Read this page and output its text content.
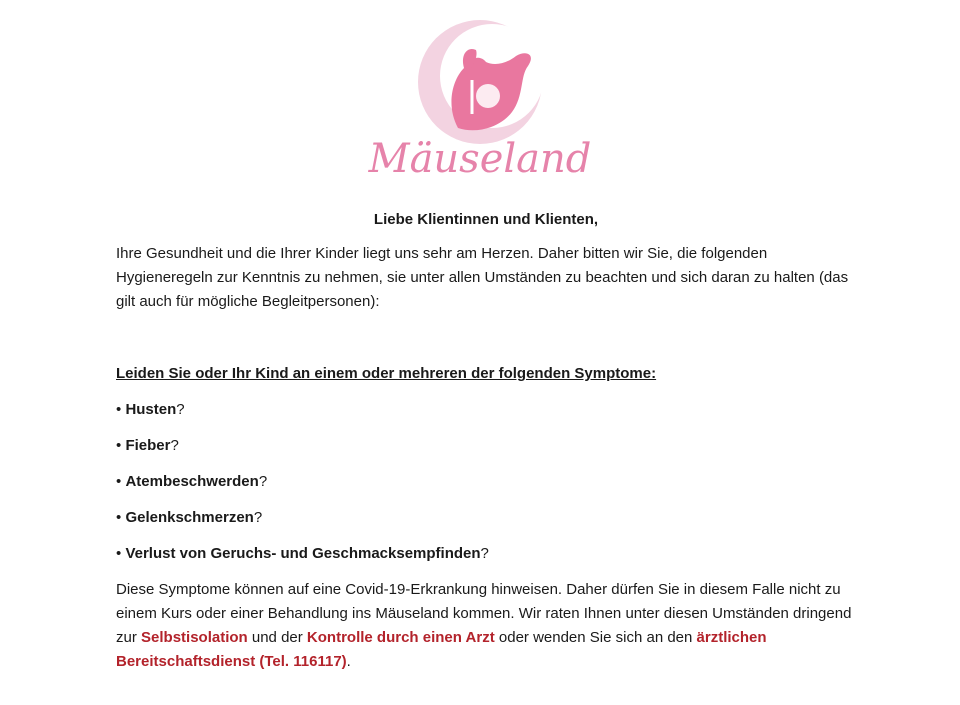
Mäuseland

Liebe Klientinnen und Klienten,

Ihre Gesundheit und die Ihrer Kinder liegt uns sehr am Herzen. Daher bitten wir Sie, die folgenden Hygieneregeln zur Kenntnis zu nehmen, sie unter allen Umständen zu beachten und sich daran zu halten (das gilt auch für mögliche Begleitpersonen):

Leiden Sie oder Ihr Kind an einem oder mehreren der folgenden Symptome:

• Husten?
• Fieber?
• Atembeschwerden?
• Gelenkschmerzen?
• Verlust von Geruchs- und Geschmacksempfinden?

Diese Symptome können auf eine Covid-19-Erkrankung hinweisen. Daher dürfen Sie in diesem Falle nicht zu einem Kurs oder einer Behandlung ins Mäuseland kommen. Wir raten Ihnen unter diesen Umständen dringend zur Selbstisolation und der Kontrolle durch einen Arzt oder wenden Sie sich an den ärztlichen Bereitschaftsdienst (Tel. 116117).
